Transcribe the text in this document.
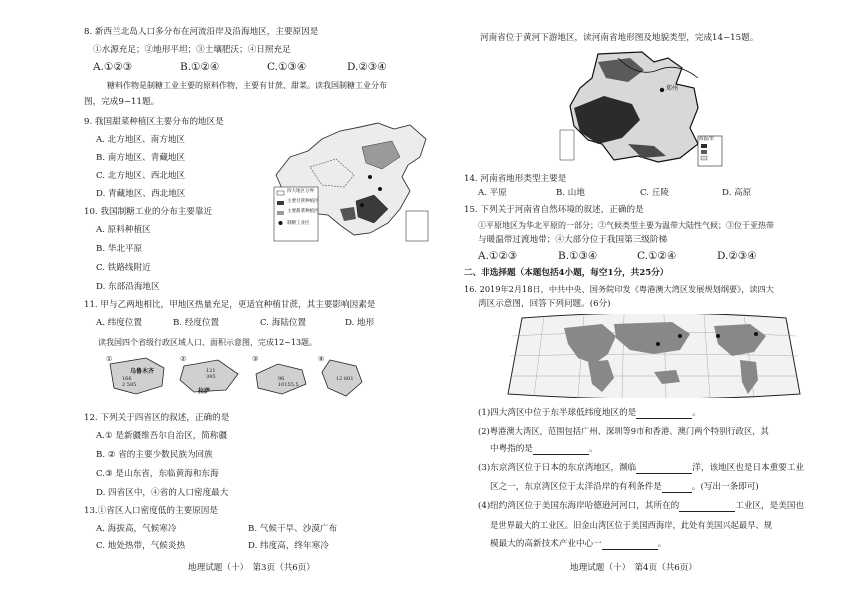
8. 新西兰北岛人口多分布在河流沿岸及沿海地区，主要原因是
①水源充足；②地形平坦；③土壤肥沃；④日照充足
A.①②③	B.①②④	C.①③④	D.②③④
糖料作物是制糖工业主要的原料作物，主要有甘蔗、甜菜。读我国制糖工业分布
图，完成9~11题。
9. 我国甜菜种植区主要分布的地区是
A. 北方地区、南方地区
B. 南方地区、青藏地区
C. 北方地区、西北地区
D. 青藏地区、西北地区	四大地区分界
主要甘蔗种植区
主要甜菜种植区
制糖工业区
10. 我国制糖工业的分布主要靠近
A. 原料种植区
B. 华北平原
C. 铁路线附近
D. 东部沿海地区
11. 甲与乙两地相比，甲地区热量充足，更适宜种植甘蔗，其主要影响因素是
A. 纬度位置	B. 经度位置	C. 海陆位置	D. 地形
读我国四个省级行政区域人口、面积示意图，完成12~13题。
①
乌鲁木齐
166
2 585
②
121
345
拉萨
③
96
10155.5
④
12 601
12. 下列关于四省区的叙述，正确的是
A.① 是新疆维吾尔自治区，简称疆
B. ② 省的主要少数民族为回族
C.③ 是山东省，东临黄海和东海
D. 四省区中，④省的人口密度最大
13.①省区人口密度低的主要原因是
A. 海拔高，气候寒冷	B. 气候干旱、沙漠广布
C. 地处热带，气候炎热	D. 纬度高，终年寒冷
地理试题（十）　第3页（共6页）
河南省位于黄河下游地区，读河南省地形图及地貌类型，完成14~15题。
郑州
海拔/米
14. 河南省地形类型主要是
A. 平原	B. 山地	C. 丘陵	D. 高原
15. 下列关于河南省自然环境的叙述，正确的是
①平原地区为华北平原的一部分；②气候类型主要为温带大陆性气候；③位于亚热带
与暖温带过渡地带；④大部分位于我国第三级阶梯
A.①②③	B.①③④	C.①②④	D.②③④
二、非选择题（本题包括4小题，每空1分，共25分）
16. 2019年2月18日，中共中央、国务院印发《粤港澳大湾区发展规划纲要》，读四大
湾区示意图，回答下列问题。(6分)
(1)四大湾区中位于东半球低纬度地区的是	。
(2)粤港澳大湾区，范围包括广州、深圳等9市和香港、澳门两个特别行政区，其
中粤指的是	。
(3)东京湾区位于日本的东京湾地区，濒临	洋，该地区也是日本重要工业
区之一，东京湾区位于太洋沿岸的有利条件是	。(写出一条即可)
(4)纽约湾区位于美国东海岸哈德逊河河口，其所在的	工业区，是美国也
是世界最大的工业区。旧金山湾区位于美国西海岸，此处有美国兴起最早、规
模最大的高新技术产业中心一	。
地理试题（十）　第4页（共6页）
